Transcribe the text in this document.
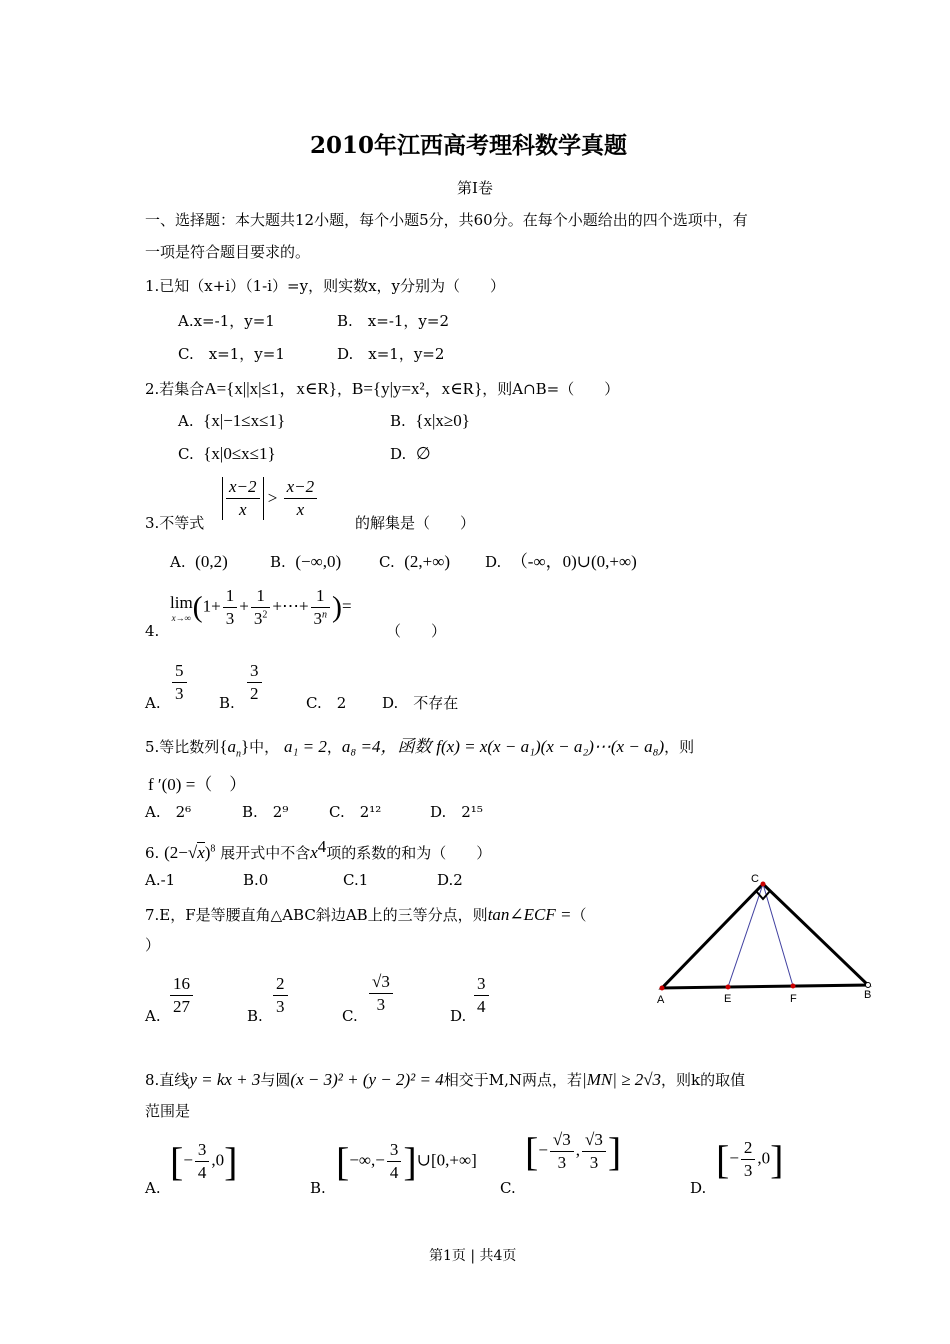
2010年江西高考理科数学真题
第I卷
一、选择题：本大题共12小题，每个小题5分，共60分。在每个小题给出的四个选项中，有
一项是符合题目要求的。
1.已知（x+i）（1-i）=y，则实数x，y分别为（　　）
A.x=-1，y=1	B.　x=-1，y=2
C.　x=1，y=1	D.　x=1，y=2
2.若集合A={x||x|≤1，x∈R}，B={y|y=x²，x∈R}，则A∩B=（　　）
A. {x|−1≤x≤1}	B. {x|x≥0}
C. {x|0≤x≤1}	D. ∅
3.不等式
$\frac{x-2}{x} > \frac{x-2}{x}$
的解集是（　　）
A. (0,2)	B. (−∞,0)	C. (2,+∞) D. （-∞，0)∪(0,+∞)
4.
lim
x→∞ ($1+ \frac{1}{3} + \frac{1}{3^2}$ +⋯+ $\frac{1}{3^n}$ )=
（　　）
A. $\frac{5}{3} B$. $\frac{3}{2}$	C.　2 D.　不存在
5.等比数列$\{a_n\}$中， a₁ = 2，a₈ =4，函数 f(x) = x(x − a₁)(x − a₂)⋯(x − a₈)，则
f ′(0) =（　）
A.　2⁶	B.　2⁹	C.　2¹²	D.　2¹⁵
6. $(2-√x)^8$ 展开式中不含$x^4$项的系数的和为（　　）
A.-1	B.0	C.1	D.2
7.E，F是等腰直角△ABC斜边AB上的三等分点，则tan∠ECF =（
）
A. $\frac{16}{27}$	B. $\frac{2}{3}$	C.
$\frac{√3}{3}$
D. $\frac{3}{4}$
C
A	E	F	B
8.直线y = kx + 3与圆(x − 3)² + (y − 2)² = 4相交于M,N两点，若|MN| ≥ 2√3，则k的取值
范围是
A.
[− $\frac{3}{4} ,0$]
B.
[−∞,− $\frac{3}{4}$ ]∪[0,+∞]
C.
[− $\frac{√3}{3}$ , $\frac{√3}{3}$ ]
D.
[− $\frac{2}{3} ,0$]
第1页 | 共4页
